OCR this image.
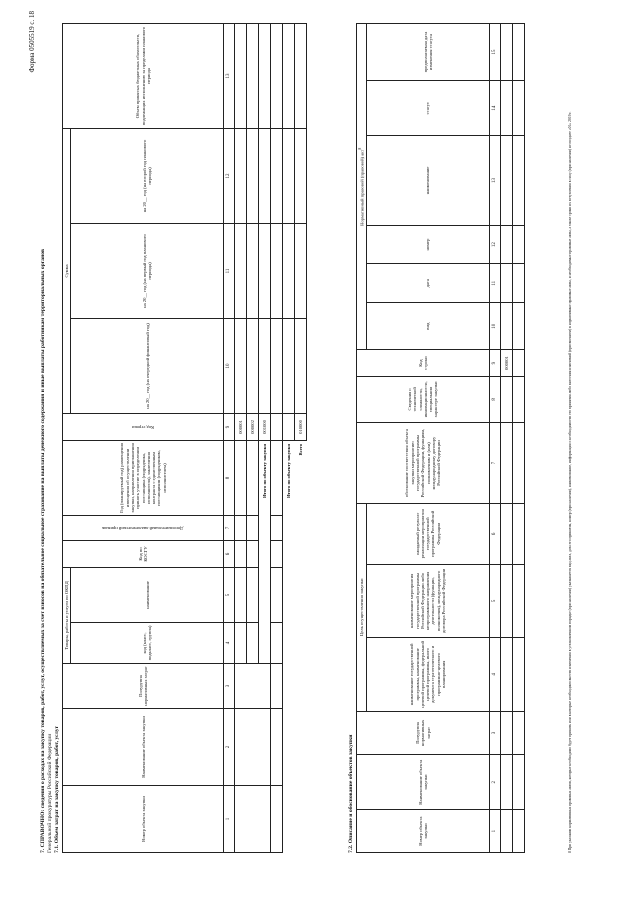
Форма 0505519 с. 18
7. СПРАВОЧНО: сведения о расходах на закупку товаров, работ, услуг, осуществляемых за счет взносов на обязательное социальное страхование на выплаты денежного содержания и иные выплаты работникам территориальных органов Генеральной прокуратуры Российской Федерации 7.1. Объем затрат на закупку товаров, работ, услуг	Номер объекта закупки	Наименование объекта закупки	Полуруппа нормативных затрат	Товары, работы и услуги по ОКПД		Код по КОСГУ	Дополнительный аналитический признак	Год (планируемый год) размещения извещения об осуществлении закупки, направления приглашения принять участие в определении поставщика (подрядчика, исполнителя), заключения контракта с единственным поставщиком (подрядчиком, исполнителем)	Код строки	Сумма			Объем принятых бюджетных обязательств, подлежащих исполнению за пределами планового периода
			код (класс, подкласс, группа)	наименование					на 20__ год (на очередной финансовый год)	на 20__ год (на первый год планового периода)	на 20__ год (на второй год планового периода)	

1	2	3	4	5	6	7	8	9	10	11	12	13
								000001				
								000002				
			Итого по объекту закупки					001000				

Итого по объекту закупки												
Всего								010000				
7.2. Описание и обоснование объектов закупки	Номер объекта закупки	Наименование объекта закупки	Полуруппа нормативных затрат	Цель осуществления закупки			обоснование соответствия объекта закупки мероприятию государственной программы Российской Федерации, функциям, полномочиям и (или) международному договору Российской Федерации	Сведения о технической сложности, инновационности, специальном характере закупки	Код строки	Нормативный правовой (правовой) акт$^8$
			наименование государственной программы, наименование целевой программы, федеральной целевой программы, иного документа стратегического и программно-целевого планирования	наименование мероприятия государственной программы Российской Федерации либо непрограммного направления деятельности (функции, полномочия), международного договора Российской Федерации	ожидаемый результат реализации мероприятия государственной программы Российской Федерации				вид	дата	номер	наименование	статус	предполагаемая дата изменения статуса

1	2	3	4	5	6	7	8	9	10	11	12	13	14	15
								000001						
															8 При указании нормативных правовых актов, которые необходимо будет принять или в которые необходимо внести изменения в установленном порядке (при наличии) указывается вид акта, дата его принятия, номер (при наличии), наименование, информация о необходимости его принятия либо внесения изменений (присвоением) в нормативные правовые акты, и необходимые правовые акты, а также сроки их вступления в силу (при наличии) не позднее «01» 2019 г.
